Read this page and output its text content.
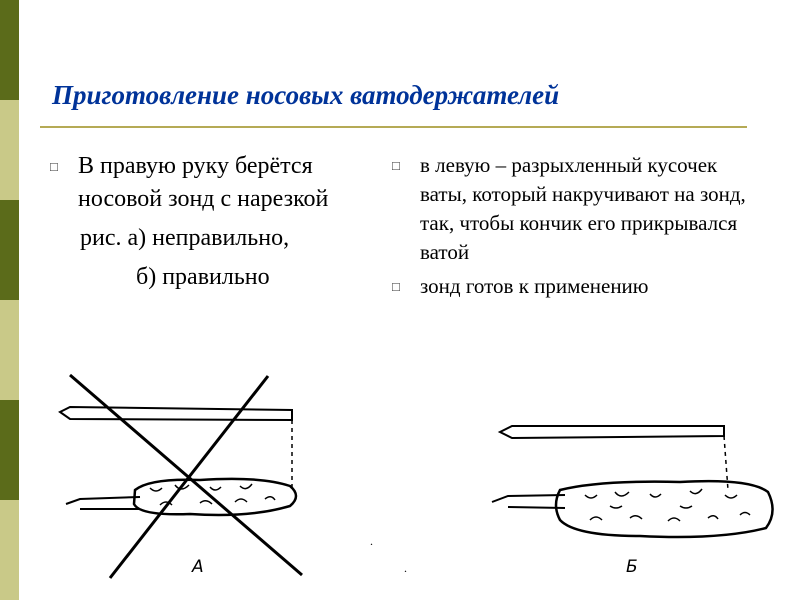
Приготовление носовых ватодержателей
□ В правую руку берётся носовой зонд с нарезкой
рис. а) неправильно,
б) правильно
□ в левую – разрыхленный кусочек ваты, который накручивают на зонд, так, чтобы кончик его прикрывался ватой
□ зонд готов к применению
А
.
Б
.
